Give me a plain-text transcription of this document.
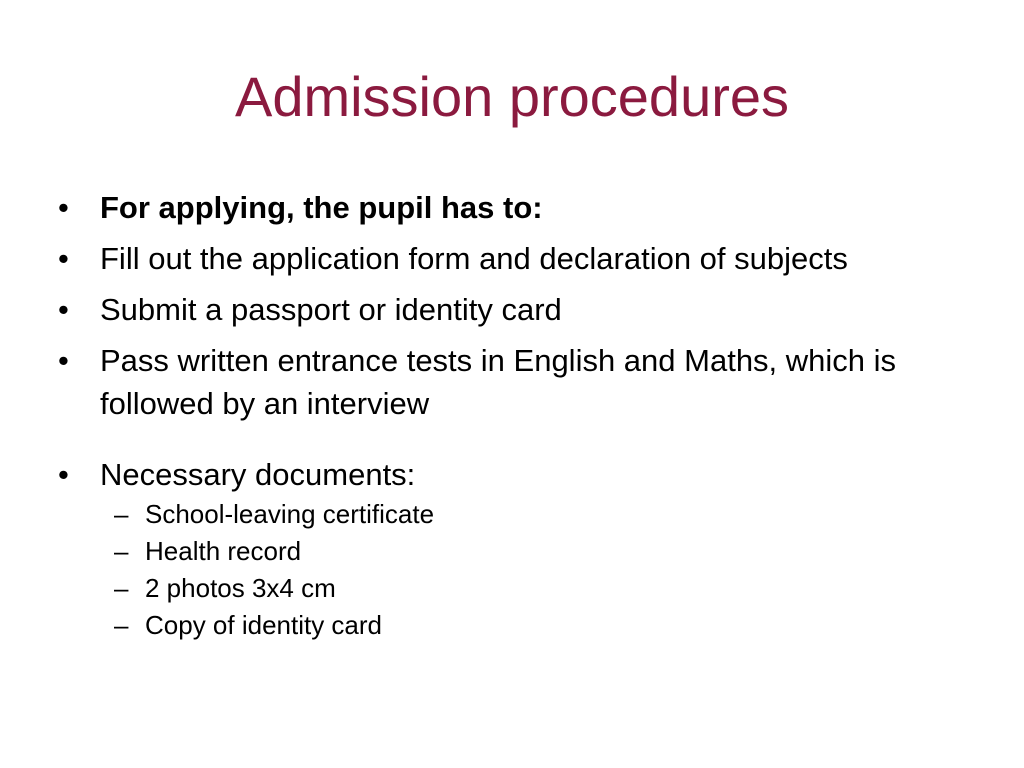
Admission procedures
•	For applying, the pupil has to:
•	Fill out the application form and declaration of subjects
•	Submit a passport or identity card
•	Pass written entrance tests in English and Maths, which is followed by an interview
•	Necessary documents:
– School-leaving certificate
– Health record
– 2 photos 3x4 cm
– Copy of identity card
